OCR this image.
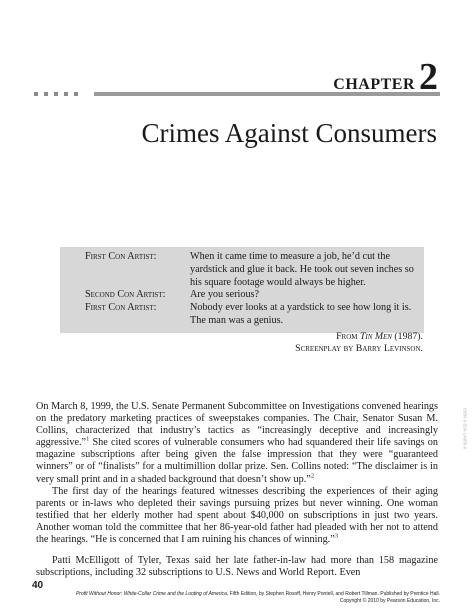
CHAPTER 2
Crimes Against Consumers
First Con Artist:	When it came time to measure a job, he’d cut the yardstick and glue it back. He took out seven inches so his square footage would always be higher.
Second Con Artist:	Are you serious?
First Con Artist:	Nobody ever looks at a yardstick to see how long it is. The man was a genius.
From Tin Men (1987).
Screenplay by Barry Levinson.

On March 8, 1999, the U.S. Senate Permanent Subcommittee on Investigations convened hearings on the predatory marketing practices of sweepstakes companies. The Chair, Senator Susan M. Collins, characterized that industry’s tactics as “increasingly deceptive and increasingly aggressive.”$^1$ She cited scores of vulnerable consumers who had squandered their life savings on magazine subscriptions after being given the false impression that they were “guaranteed winners” or of “finalists” for a multimillion dollar prize. Sen. Collins noted: “The disclaimer is in very small print and in a shaded background that doesn’t show up.”$^2$

The first day of the hearings featured witnesses describing the experiences of their aging parents or in-laws who depleted their savings pursuing prizes but never winning. One woman testified that her elderly mother had spent about $40,000 on subscriptions in just two years. Another woman told the committee that her 86-year-old father had pleaded with her not to attend the hearings. “He is concerned that I am ruining his chances of winning.”$^3$

Patti McElligott of Tyler, Texas said her late father-in-law had more than 158 magazine subscriptions, including 32 subscriptions to U.S. News and World Report. Even

40
Profit Without Honor: White-Collar Crime and the Looting of America, Fifth Edition, by Stephen Rosoff, Henry Pontell, and Robert Tillman. Published by Prentice Hall.
Copyright © 2010 by Pearson Education, Inc.
ISBN 0-536-14986-6
